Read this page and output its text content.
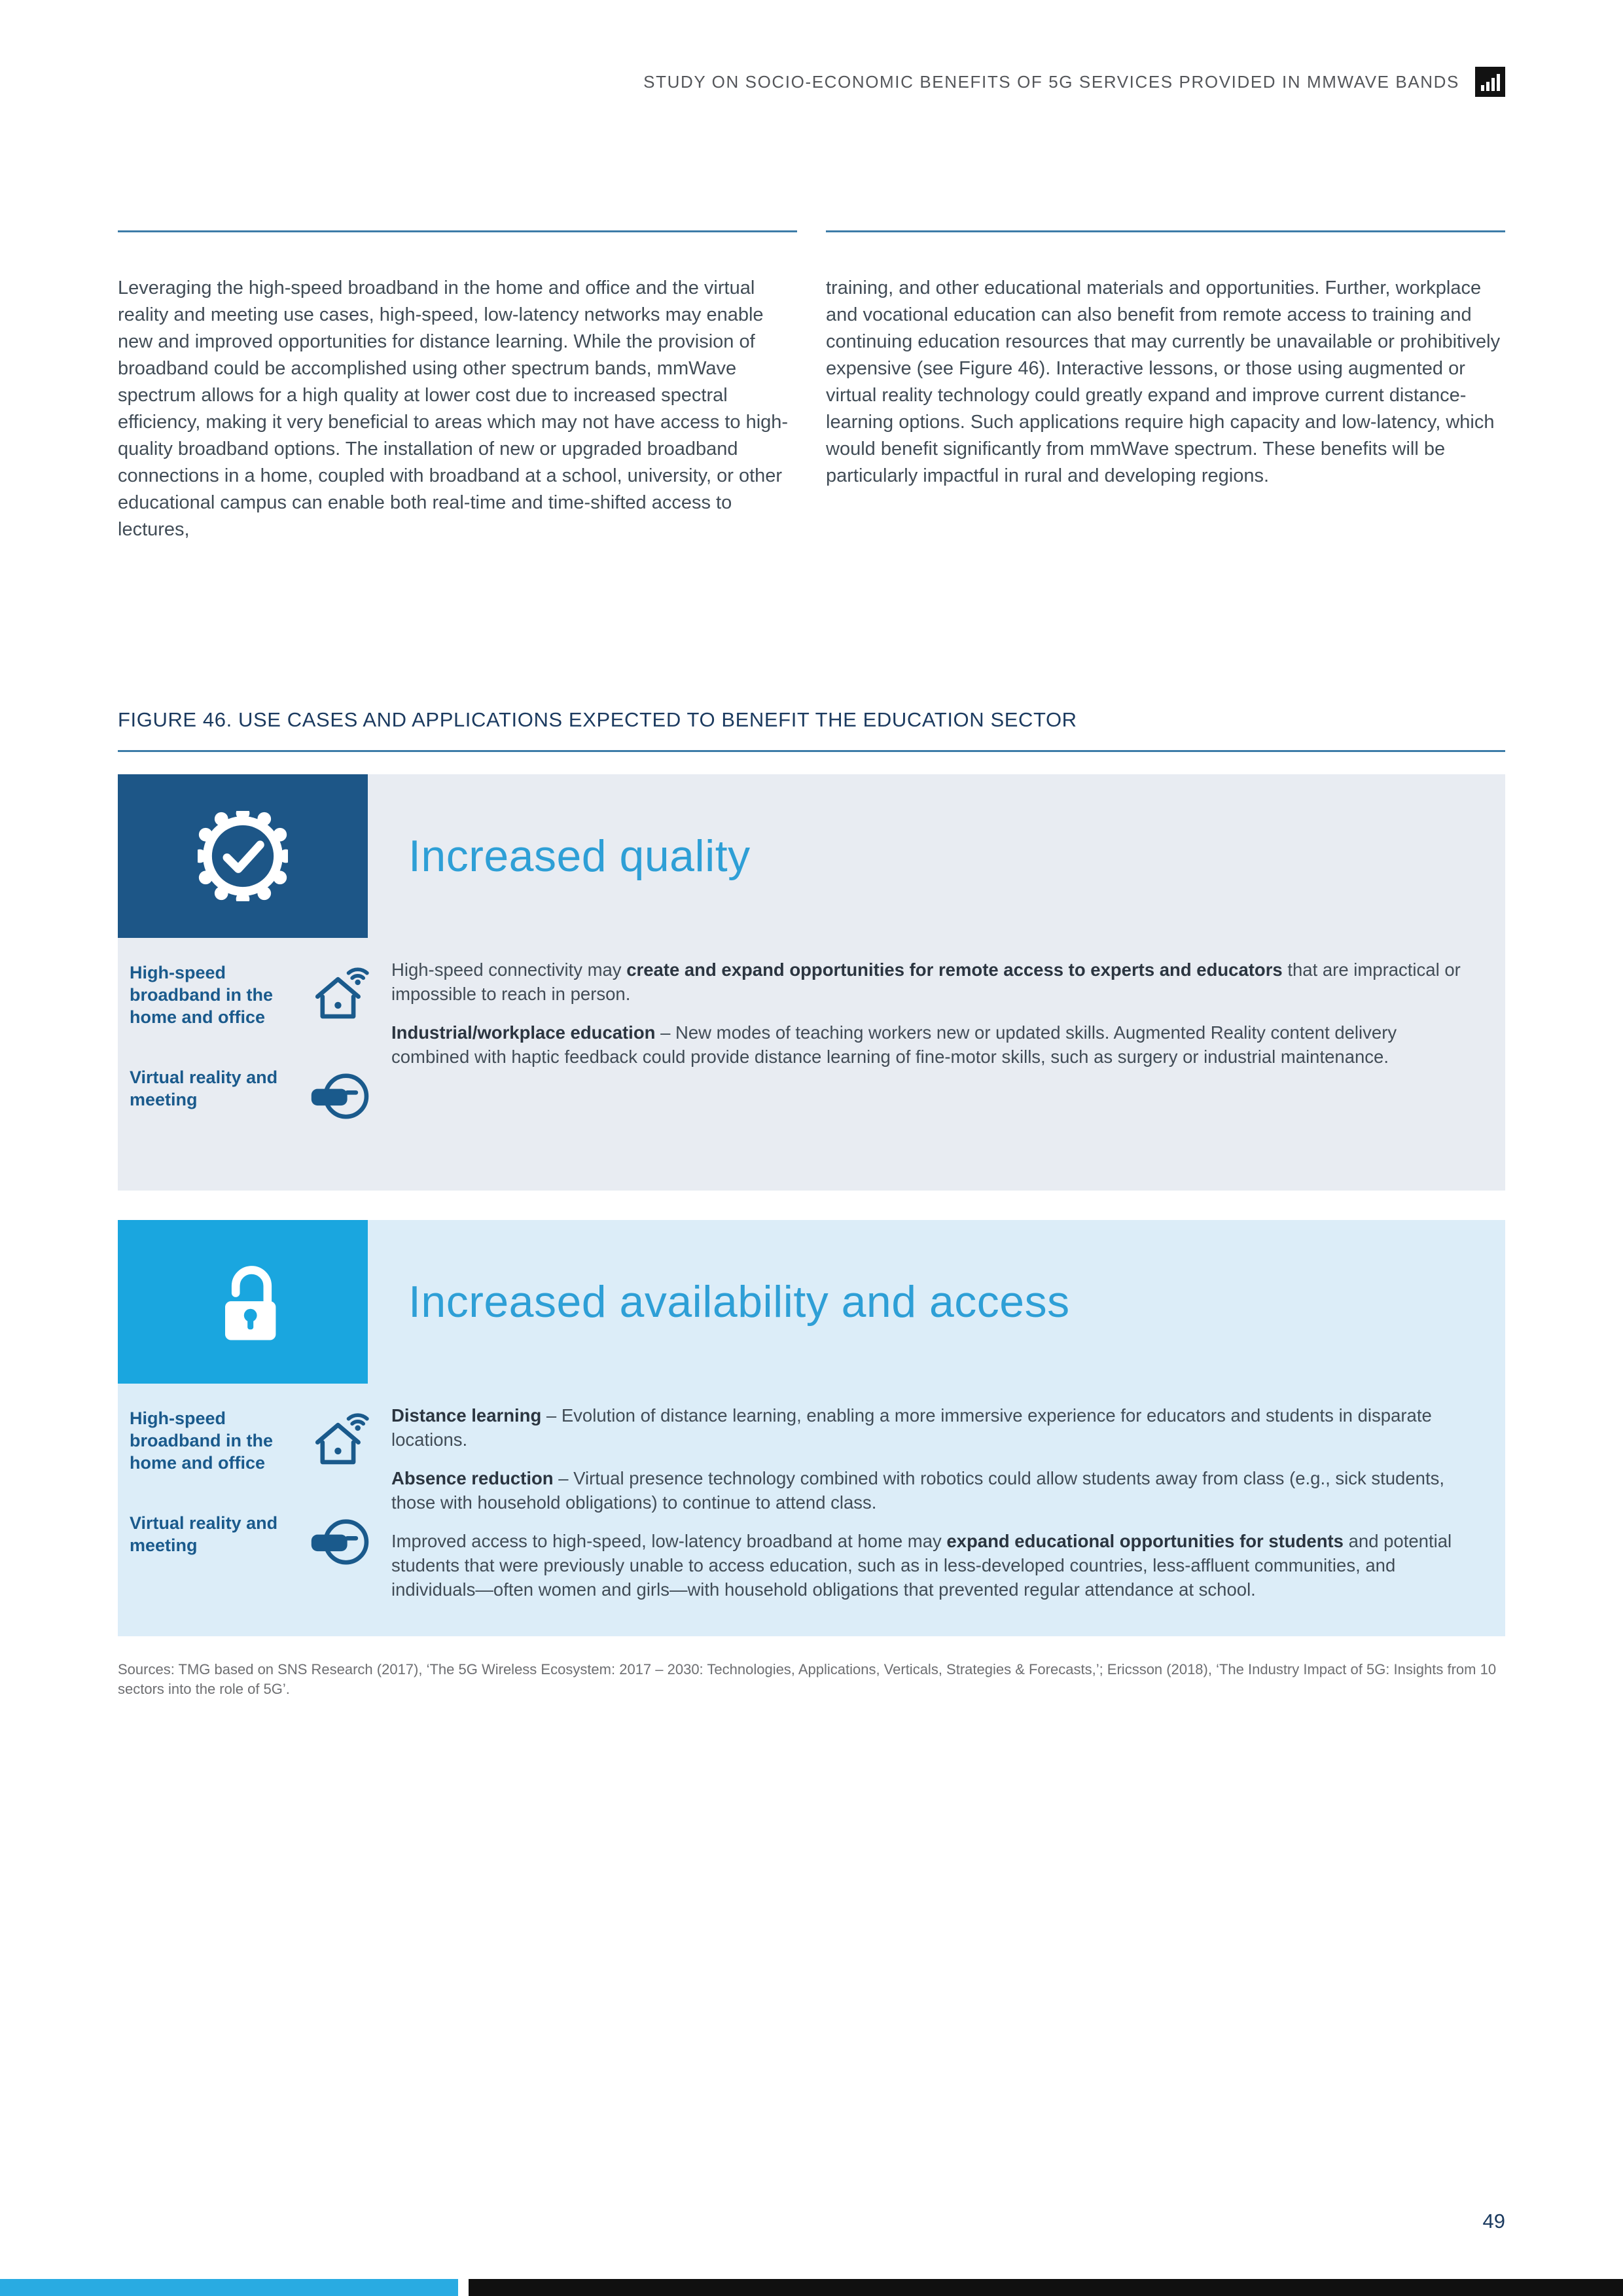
STUDY ON SOCIO-ECONOMIC BENEFITS OF 5G SERVICES PROVIDED IN MMWAVE BANDS

Leveraging the high-speed broadband in the home and office and the virtual reality and meeting use cases, high-speed, low-latency networks may enable new and improved opportunities for distance learning. While the provision of broadband could be accomplished using other spectrum bands, mmWave spectrum allows for a high quality at lower cost due to increased spectral efficiency, making it very beneficial to areas which may not have access to high-quality broadband options. The installation of new or upgraded broadband connections in a home, coupled with broadband at a school, university, or other educational campus can enable both real-time and time-shifted access to lectures,

training, and other educational materials and opportunities. Further, workplace and vocational education can also benefit from remote access to training and continuing education resources that may currently be unavailable or prohibitively expensive (see Figure 46). Interactive lessons, or those using augmented or virtual reality technology could greatly expand and improve current distance-learning options. Such applications require high capacity and low-latency, which would benefit significantly from mmWave spectrum. These benefits will be particularly impactful in rural and developing regions.

FIGURE 46. USE CASES AND APPLICATIONS EXPECTED TO BENEFIT THE EDUCATION SECTOR
Increased quality
High-speed broadband in the home and office
Virtual reality and meeting

High-speed connectivity may create and expand opportunities for remote access to experts and educators that are impractical or impossible to reach in person.

Industrial/workplace education – New modes of teaching workers new or updated skills. Augmented Reality content delivery combined with haptic feedback could provide distance learning of fine-motor skills, such as surgery or industrial maintenance.

Increased availability and access
High-speed broadband in the home and office
Virtual reality and meeting

Distance learning – Evolution of distance learning, enabling a more immersive experience for educators and students in disparate locations.

Absence reduction – Virtual presence technology combined with robotics could allow students away from class (e.g., sick students, those with household obligations) to continue to attend class.

Improved access to high-speed, low-latency broadband at home may expand educational opportunities for students and potential students that were previously unable to access education, such as in less-developed countries, less-affluent communities, and individuals—often women and girls—with household obligations that prevented regular attendance at school.

Sources: TMG based on SNS Research (2017), ‘The 5G Wireless Ecosystem: 2017 – 2030: Technologies, Applications, Verticals, Strategies & Forecasts,’; Ericsson (2018), ‘The Industry Impact of 5G: Insights from 10 sectors into the role of 5G’.
49
